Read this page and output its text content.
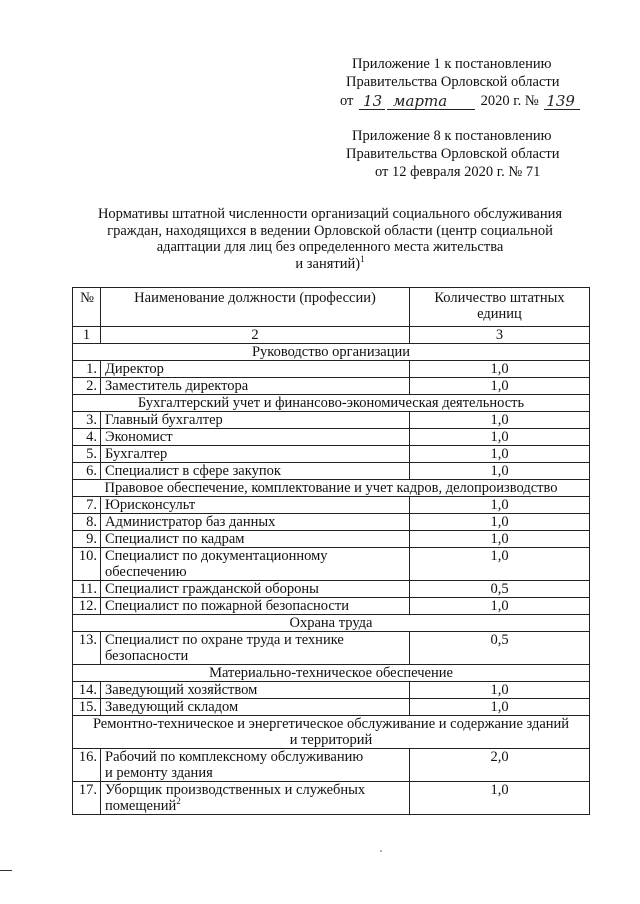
Приложение 1 к постановлению
Правительства Орловской области
от 13 марта 2020 г. № 139
Приложение 8 к постановлению
Правительства Орловской области
от 12 февраля 2020 г. № 71
Нормативы штатной численности организаций социального обслуживания
граждан, находящихся в ведении Орловской области (центр социальной
адаптации для лиц без определенного места жительства
и занятий)$^1$
№	Наименование должности (профессии)	Количество штатных
единиц
1	2	3
Руководство организации		
1.	Директор	1,0
2.	Заместитель директора	1,0
Бухгалтерский учет и финансово-экономическая деятельность		
3.	Главный бухгалтер	1,0
4.	Экономист	1,0
5.	Бухгалтер	1,0
6.	Специалист в сфере закупок	1,0
Правовое обеспечение, комплектование и учет кадров, делопроизводство		
7.	Юрисконсульт	1,0
8.	Администратор баз данных	1,0
9.	Специалист по кадрам	1,0
10.	Специалист по документационному
обеспечению	1,0
11.	Специалист гражданской обороны	0,5
12.	Специалист по пожарной безопасности	1,0
Охрана труда		
13.	Специалист по охране труда и технике
безопасности	0,5
Материально-техническое обеспечение		
14.	Заведующий хозяйством	1,0
15.	Заведующий складом	1,0
Ремонтно-техническое и энергетическое обслуживание и содержание зданий
и территорий		
16.	Рабочий по комплексному обслуживанию
и ремонту здания	2,0
17.	Уборщик производственных и служебных
помещений$^2$	1,0
